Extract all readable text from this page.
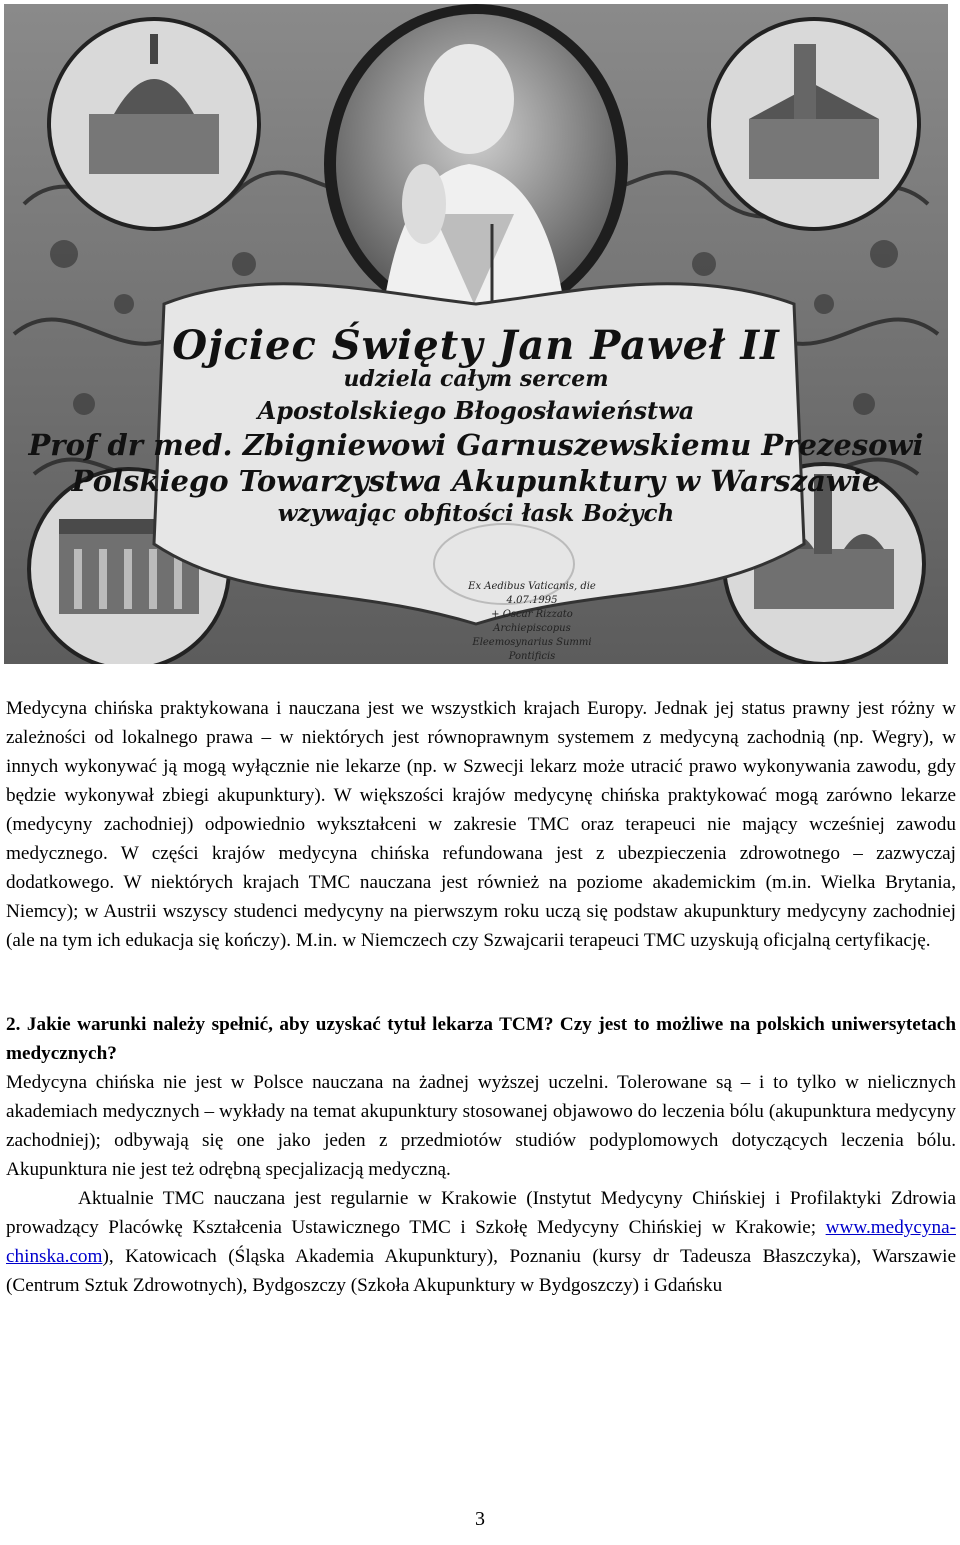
Ojciec Święty Jan Paweł II
udziela całym sercem
Apostolskiego Błogosławieństwa
Prof dr med. Zbigniewowi Garnuszewskiemu Prezesowi
Polskiego Towarzystwa Akupunktury w Warszawie
wzywając obfitości łask Bożych
Ex Aedibus Vaticanis, die 4.07.1995
+ Oscar Rizzato
Archiepiscopus
Eleemosynarius Summi Pontificis

Medycyna chińska praktykowana i nauczana jest we wszystkich krajach Europy. Jednak jej status prawny jest różny w zależności od lokalnego prawa – w niektórych jest równoprawnym systemem z medycyną zachodnią (np. Wegry), w innych wykonywać ją mogą wyłącznie nie lekarze (np. w Szwecji lekarz może utracić prawo wykonywania zawodu, gdy będzie wykonywał zbiegi akupunktury). W większości krajów medycynę chińska praktykować mogą zarówno lekarze (medycyny zachodniej) odpowiednio wykształceni w zakresie TMC oraz terapeuci nie mający wcześniej zawodu medycznego. W części krajów medycyna chińska refundowana jest z ubezpieczenia zdrowotnego – zazwyczaj dodatkowego. W niektórych krajach TMC nauczana jest również na poziome akademickim (m.in. Wielka Brytania, Niemcy); w Austrii wszyscy studenci medycyny na pierwszym roku uczą się podstaw akupunktury medycyny zachodniej (ale na tym ich edukacja się kończy). M.in. w Niemczech czy Szwajcarii terapeuci TMC uzyskują oficjalną certyfikację.

2. Jakie warunki należy spełnić, aby uzyskać tytuł lekarza TCM? Czy jest to możliwe na polskich uniwersytetach medycznych?

Medycyna chińska nie jest w Polsce nauczana na żadnej wyższej uczelni. Tolerowane są – i to tylko w nielicznych akademiach medycznych – wykłady na temat akupunktury stosowanej objawowo do leczenia bólu (akupunktura medycyny zachodniej); odbywają się one jako jeden z przedmiotów studiów podyplomowych dotyczących leczenia bólu. Akupunktura nie jest też odrębną specjalizacją medyczną.

Aktualnie TMC nauczana jest regularnie w Krakowie (Instytut Medycyny Chińskiej i Profilaktyki Zdrowia prowadzący Placówkę Kształcenia Ustawicznego TMC i Szkołę Medycyny Chińskiej w Krakowie; www.medycyna-chinska.com), Katowicach (Śląska Akademia Akupunktury), Poznaniu (kursy dr Tadeusza Błaszczyka), Warszawie (Centrum Sztuk Zdrowotnych), Bydgoszczy (Szkoła Akupunktury w Bydgoszczy) i Gdańsku

3
